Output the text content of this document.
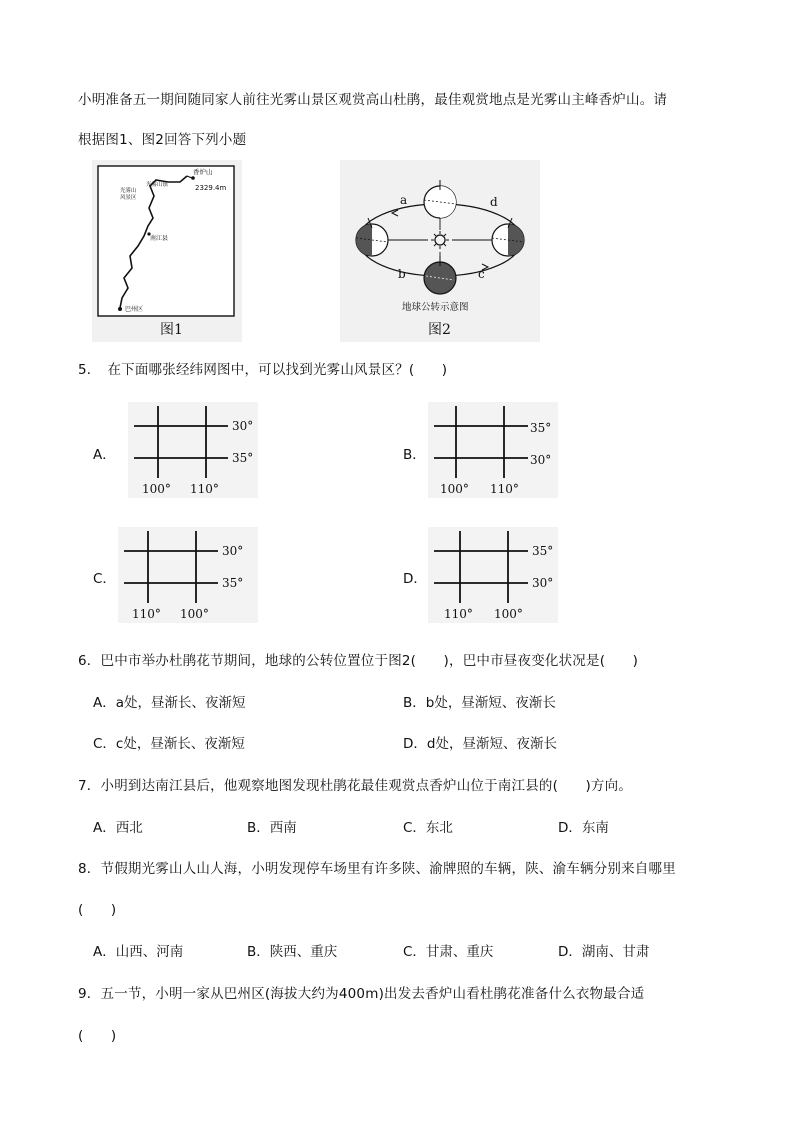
小明准备五一期间随同家人前往光雾山景区观赏高山杜鹃，最佳观赏地点是光雾山主峰香炉山。请
根据图1、图2回答下列小题
香炉山
2329.4m
光雾山镇
光雾山
风景区
南江县
巴州区
图1
a
b	c
d
地球公转示意图
图2
5．　在下面哪张经纬网图中，可以找到光雾山风景区？(　　)
A．
30°
35°
100° 110°
B．
35°
30°
100° 110°
C．
30°
35°
110° 100°
D．
35°
30°
110° 100°
6．巴中市举办杜鹃花节期间，地球的公转位置位于图2(　　)，巴中市昼夜变化状况是(　　)
A．a处，昼渐长、夜渐短	B．b处，昼渐短、夜渐长
C．c处，昼渐长、夜渐短	D．d处，昼渐短、夜渐长
7．小明到达南江县后，他观察地图发现杜鹃花最佳观赏点香炉山位于南江县的(　　)方向。
A．西北	B．西南	C．东北	D．东南
8．节假期光雾山人山人海，小明发现停车场里有许多陕、渝牌照的车辆，陕、渝车辆分别来自哪里
(　　)
A．山西、河南	B．陕西、重庆	C．甘肃、重庆	D．湖南、甘肃
9．五一节，小明一家从巴州区(海拔大约为400m)出发去香炉山看杜鹃花准备什么衣物最合适
(　　)
